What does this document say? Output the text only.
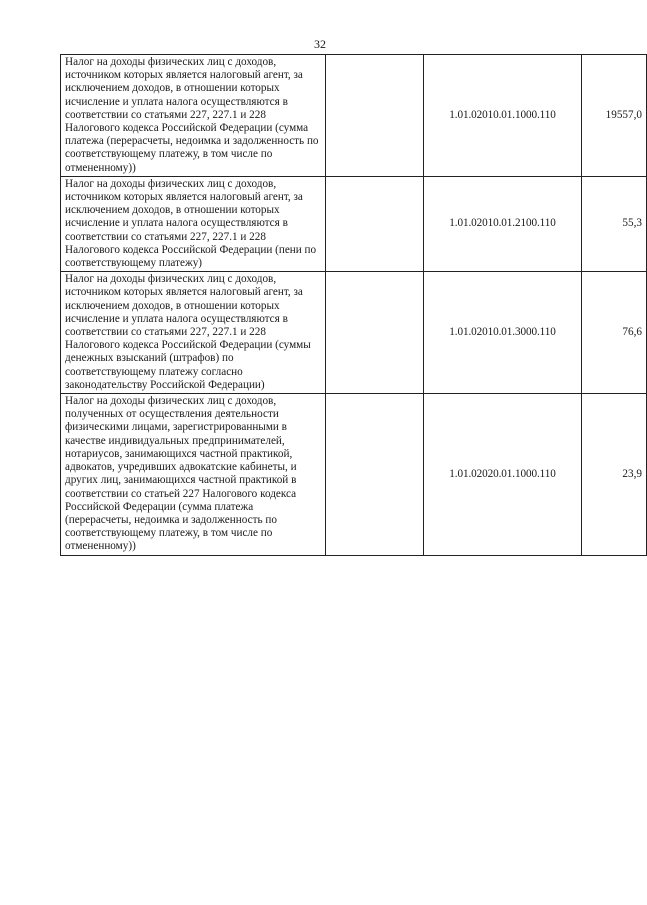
32
Налог на доходы физических лиц с доходов, источником которых является налоговый агент, за исключением доходов, в отношении которых исчисление и уплата налога осуществляются в соответствии со статьями 227, 227.1 и 228 Налогового кодекса Российской Федерации (сумма платежа (перерасчеты, недоимка и задолженность по соответствующему платежу, в том числе по отмененному))		1.01.02010.01.1000.110	19557,0
Налог на доходы физических лиц с доходов, источником которых является налоговый агент, за исключением доходов, в отношении которых исчисление и уплата налога осуществляются в соответствии со статьями 227, 227.1 и 228 Налогового кодекса Российской Федерации (пени по соответствующему платежу)		1.01.02010.01.2100.110	55,3
Налог на доходы физических лиц с доходов, источником которых является налоговый агент, за исключением доходов, в отношении которых исчисление и уплата налога осуществляются в соответствии со статьями 227, 227.1 и 228 Налогового кодекса Российской Федерации (суммы денежных взысканий (штрафов) по соответствующему платежу согласно законодательству Российской Федерации)		1.01.02010.01.3000.110	76,6
Налог на доходы физических лиц с доходов, полученных от осуществления деятельности физическими лицами, зарегистрированными в качестве индивидуальных предпринимателей, нотариусов, занимающихся частной практикой, адвокатов, учредивших адвокатские кабинеты, и других лиц, занимающихся частной практикой в соответствии со статьей 227 Налогового кодекса Российской Федерации (сумма платежа (перерасчеты, недоимка и задолженность по соответствующему платежу, в том числе по отмененному))		1.01.02020.01.1000.110	23,9
